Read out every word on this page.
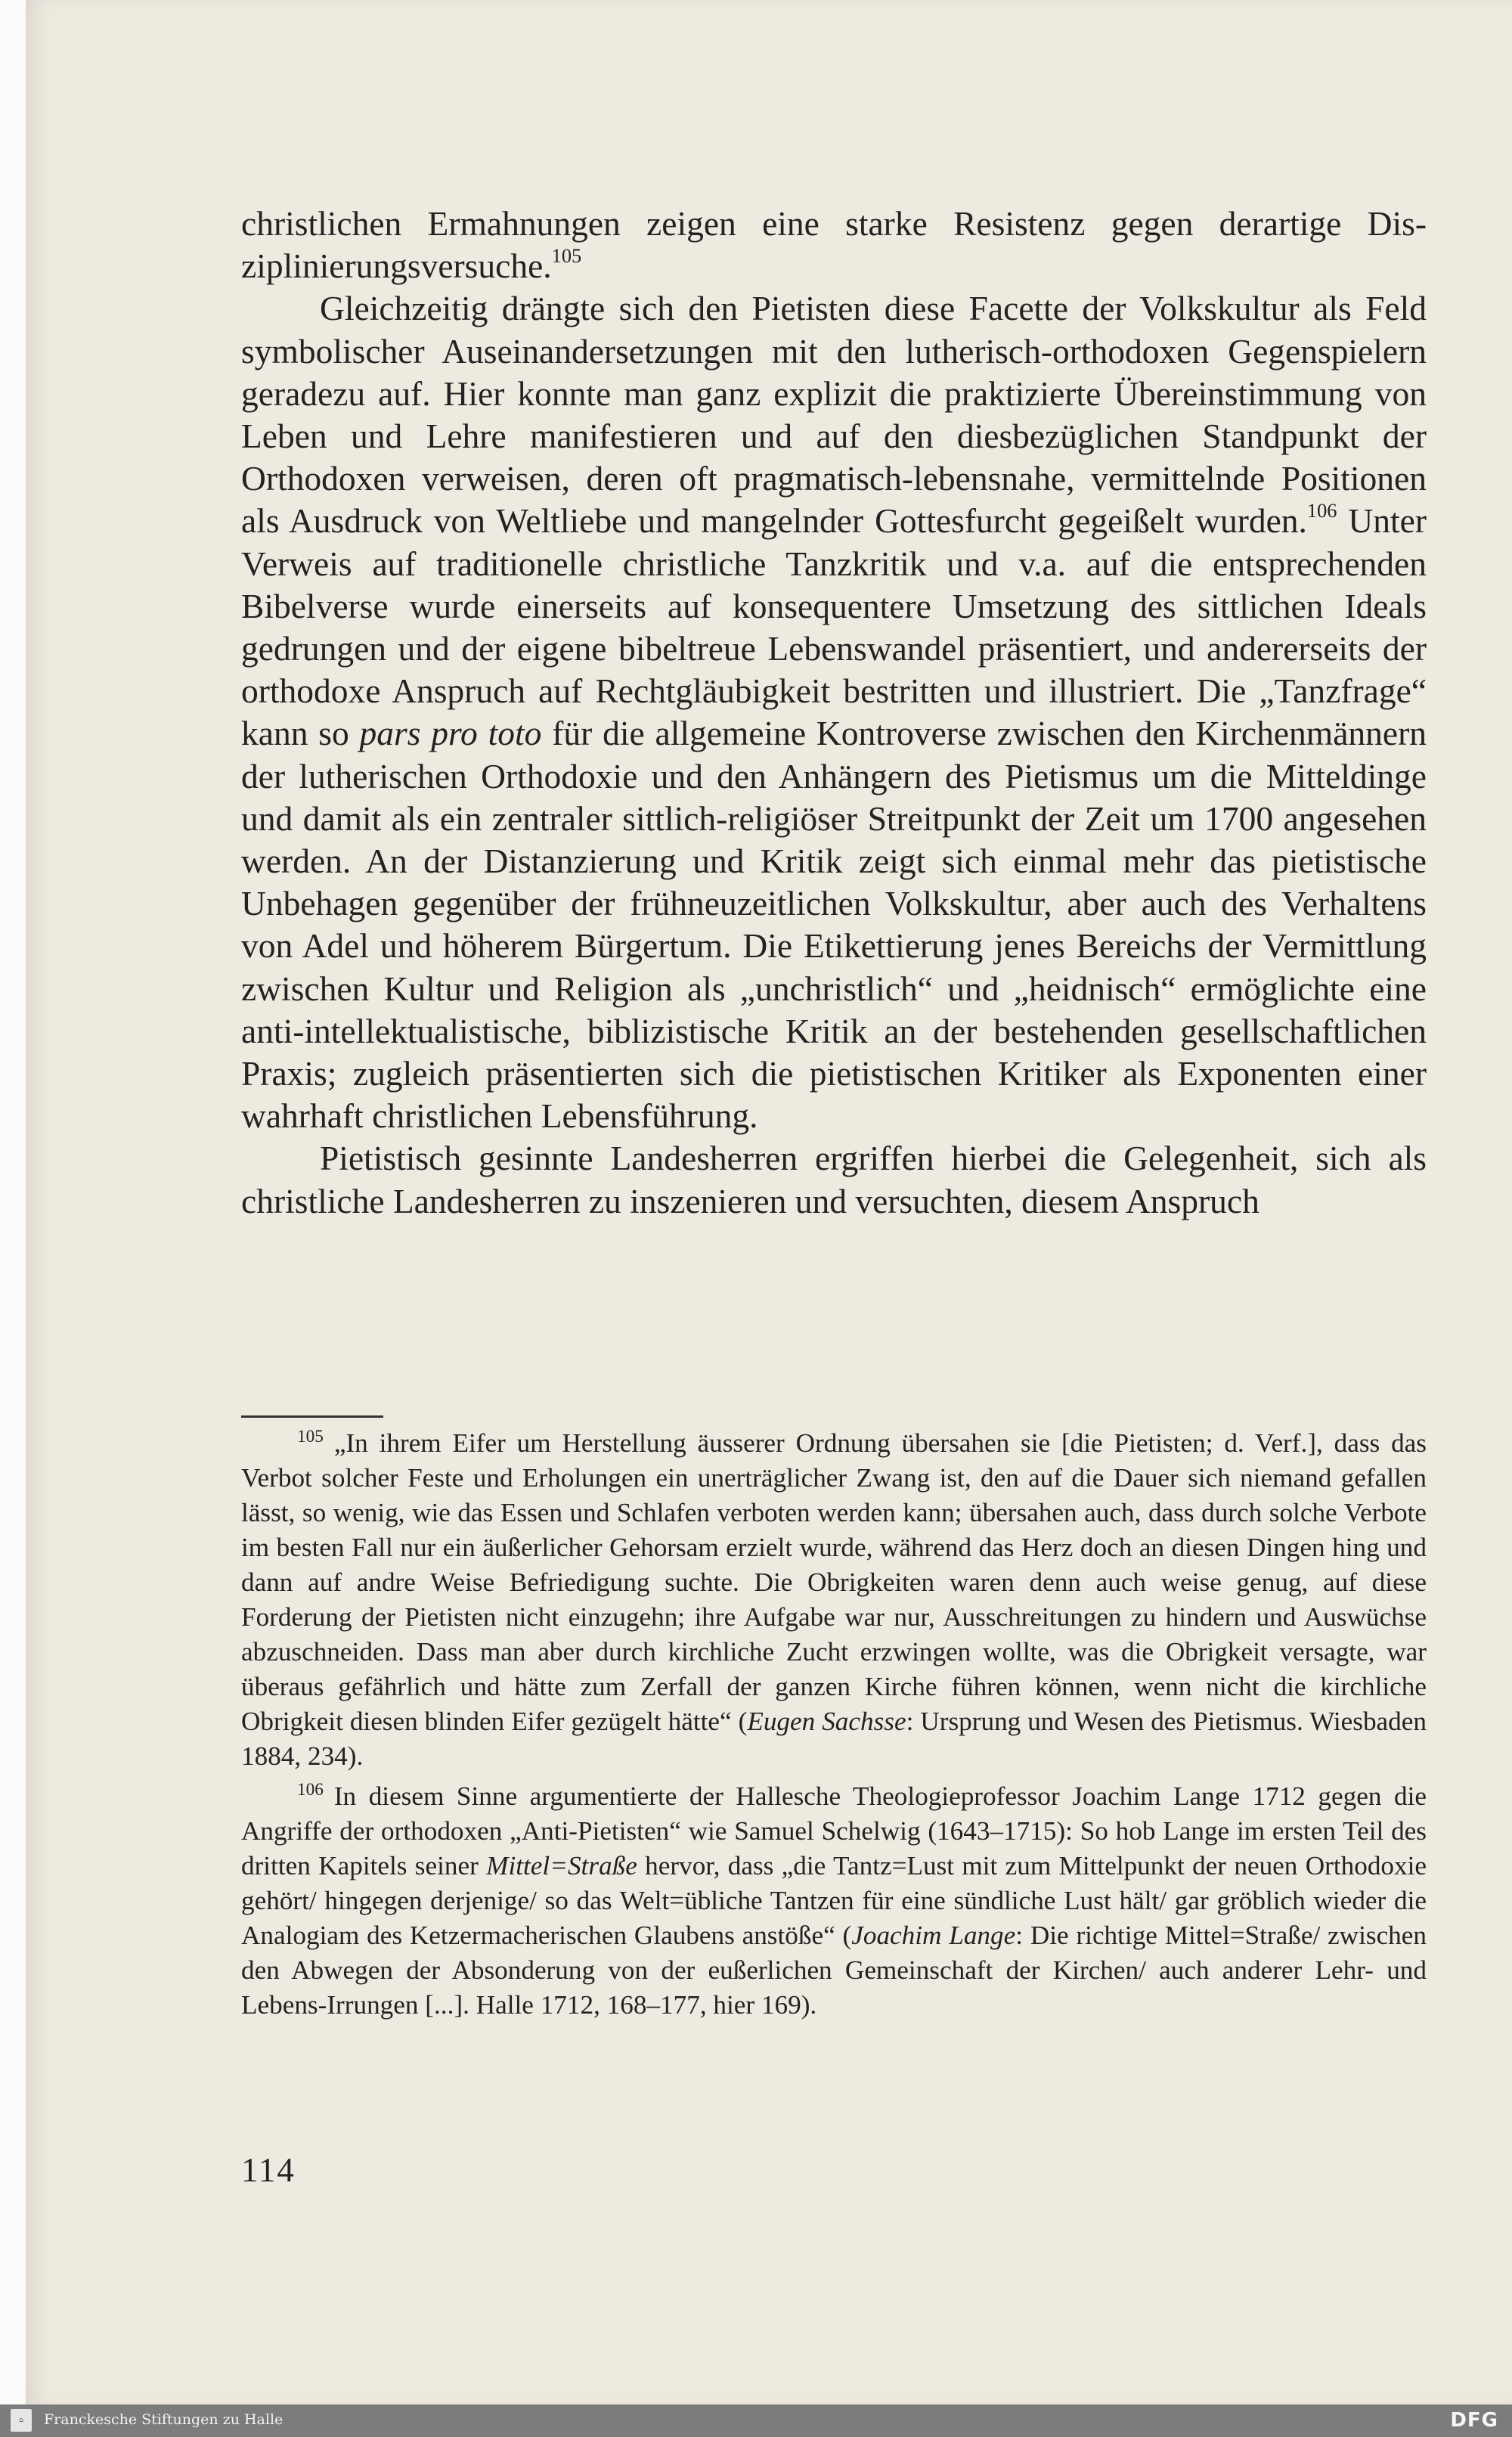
christlichen Ermahnungen zeigen eine starke Resistenz gegen derartige Disziplinierungsversuche.$^{105}$

Gleichzeitig drängte sich den Pietisten diese Facette der Volkskultur als Feld symbolischer Auseinandersetzungen mit den lutherisch-orthodoxen Gegenspielern geradezu auf. Hier konnte man ganz explizit die praktizierte Übereinstimmung von Leben und Lehre manifestieren und auf den diesbezüglichen Standpunkt der Orthodoxen verweisen, deren oft pragmatisch-lebensnahe, vermittelnde Positionen als Ausdruck von Weltliebe und mangelnder Gottesfurcht gegeißelt wurden.$^{106}$ Unter Verweis auf traditionelle christliche Tanzkritik und v.a. auf die entsprechenden Bibelverse wurde einerseits auf konsequentere Umsetzung des sittlichen Ideals gedrungen und der eigene bibeltreue Lebenswandel präsentiert, und andererseits der orthodoxe Anspruch auf Rechtgläubigkeit bestritten und illustriert. Die „Tanzfrage“ kann so pars pro toto für die allgemeine Kontroverse zwischen den Kirchenmännern der lutherischen Orthodoxie und den Anhängern des Pietismus um die Mitteldinge und damit als ein zentraler sittlich-religiöser Streitpunkt der Zeit um 1700 angesehen werden. An der Distanzierung und Kritik zeigt sich einmal mehr das pietistische Unbehagen gegenüber der frühneuzeitlichen Volkskultur, aber auch des Verhaltens von Adel und höherem Bürgertum. Die Etikettierung jenes Bereichs der Vermittlung zwischen Kultur und Religion als „unchristlich“ und „heidnisch“ ermöglichte eine anti-intellektualistische, biblizistische Kritik an der bestehenden gesellschaftlichen Praxis; zugleich präsentierten sich die pietistischen Kritiker als Exponenten einer wahrhaft christlichen Lebensführung.

Pietistisch gesinnte Landesherren ergriffen hierbei die Gelegenheit, sich als christliche Landesherren zu inszenieren und versuchten, diesem Anspruch

$^{105}$ „In ihrem Eifer um Herstellung äusserer Ordnung übersahen sie [die Pietisten; d. Verf.], dass das Verbot solcher Feste und Erholungen ein unerträglicher Zwang ist, den auf die Dauer sich niemand gefallen lässt, so wenig, wie das Essen und Schlafen verboten werden kann; übersahen auch, dass durch solche Verbote im besten Fall nur ein äußerlicher Gehorsam erzielt wurde, während das Herz doch an diesen Dingen hing und dann auf andre Weise Befriedigung suchte. Die Obrigkeiten waren denn auch weise genug, auf diese Forderung der Pietisten nicht einzugehn; ihre Aufgabe war nur, Ausschreitungen zu hindern und Auswüchse abzuschneiden. Dass man aber durch kirchliche Zucht erzwingen wollte, was die Obrigkeit versagte, war überaus gefährlich und hätte zum Zerfall der ganzen Kirche führen können, wenn nicht die kirchliche Obrigkeit diesen blinden Eifer gezügelt hätte“ (Eugen Sachsse: Ursprung und Wesen des Pietismus. Wiesbaden 1884, 234).

$^{106}$ In diesem Sinne argumentierte der Hallesche Theologieprofessor Joachim Lange 1712 gegen die Angriffe der orthodoxen „Anti-Pietisten“ wie Samuel Schelwig (1643–1715): So hob Lange im ersten Teil des dritten Kapitels seiner Mittel=Straße hervor, dass „die Tantz=Lust mit zum Mittelpunkt der neuen Orthodoxie gehört/ hingegen derjenige/ so das Welt=übliche Tantzen für eine sündliche Lust hält/ gar gröblich wieder die Analogiam des Ketzermacherischen Glaubens anstöße“ (Joachim Lange: Die richtige Mittel=Straße/ zwischen den Abwegen der Absonderung von der eußerlichen Gemeinschaft der Kirchen/ auch anderer Lehr- und Lebens-Irrungen [...]. Halle 1712, 168–177, hier 169).

114
⌂	Franckesche Stiftungen zu Halle	DFG
